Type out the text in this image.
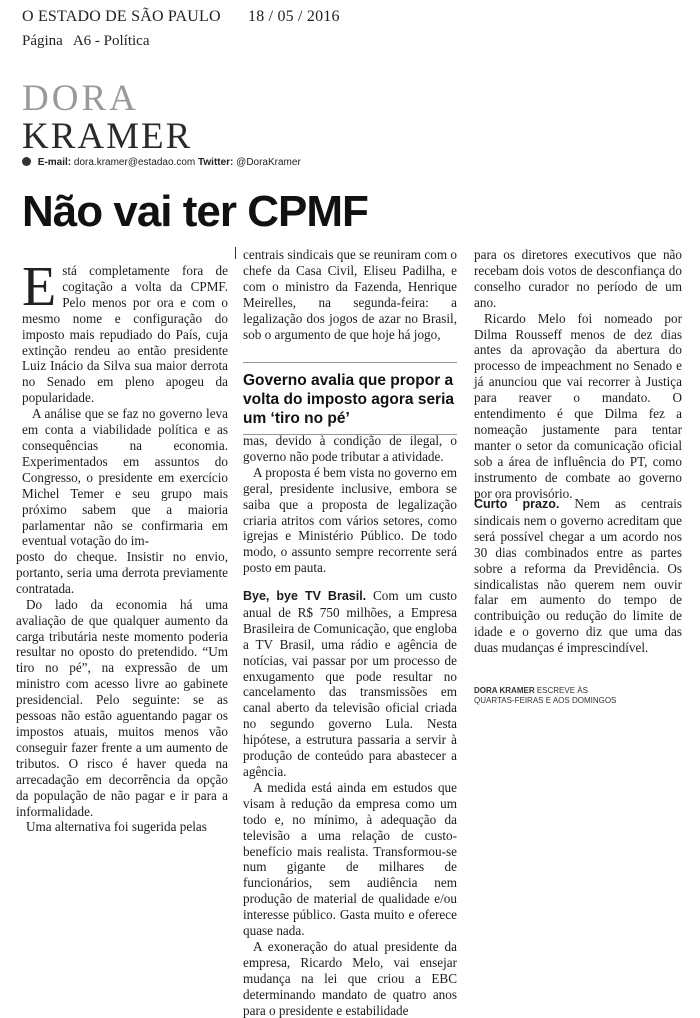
O ESTADO DE SÃO PAULO 18 / 05 / 2016
Página A6 - Política
DORA
KRAMER
E-mail: dora.kramer@estadao.com Twitter: @DoraKramer
Não vai ter CPMF

Está completamente fora de cogitação a volta da CPMF. Pelo menos por ora e com o mesmo nome e configuração do imposto mais repudiado do País, cuja extinção rendeu ao então presidente Luiz Inácio da Silva sua maior derrota no Senado em pleno apogeu da popularidade.

A análise que se faz no governo leva em conta a viabilidade política e as consequências na economia. Experimentados em assuntos do Congresso, o presidente em exercício Michel Temer e seu grupo mais próximo sabem que a maioria parlamentar não se confirmaria em eventual votação do im-

posto do cheque. Insistir no envio, portanto, seria uma derrota previamente contratada.

Do lado da economia há uma avaliação de que qualquer aumento da carga tributária neste momento poderia resultar no oposto do pretendido. “Um tiro no pé”, na expressão de um ministro com acesso livre ao gabinete presidencial. Pelo seguinte: se as pessoas não estão aguentando pagar os impostos atuais, muitos menos vão conseguir fazer frente a um aumento de tributos. O risco é haver queda na arrecadação em decorrência da opção da população de não pagar e ir para a informalidade.

Uma alternativa foi sugerida pelas

centrais sindicais que se reuniram com o chefe da Casa Civil, Eliseu Padilha, e com o ministro da Fazenda, Henrique Meirelles, na segunda-feira: a legalização dos jogos de azar no Brasil, sob o argumento de que hoje há jogo,

Governo avalia que propor a volta do imposto agora seria um ‘tiro no pé’

mas, devido à condição de ilegal, o governo não pode tributar a atividade.

A proposta é bem vista no governo em geral, presidente inclusive, embora se saiba que a proposta de legalização criaria atritos com vários setores, como igrejas e Ministério Público. De todo modo, o assunto sempre recorrente será posto em pauta.

Bye, bye TV Brasil. Com um custo anual de R$ 750 milhões, a Empresa Brasileira de Comunicação, que engloba a TV Brasil, uma rádio e agência de notícias, vai passar por um processo de enxugamento que pode resultar no cancelamento das transmissões em canal aberto da televisão oficial criada no segundo governo Lula. Nesta hipótese, a estrutura passaria a servir à produção de conteúdo para abastecer a agência.

A medida está ainda em estudos que visam à redução da empresa como um todo e, no mínimo, à adequação da televisão a uma relação de custo-benefício mais realista. Transformou-se num gigante de milhares de funcionários, sem audiência nem produção de material de qualidade e/ou interesse público. Gasta muito e oferece quase nada.

A exoneração do atual presidente da empresa, Ricardo Melo, vai ensejar mudança na lei que criou a EBC determinando mandato de quatro anos para o presidente e estabilidade

para os diretores executivos que não recebam dois votos de desconfiança do conselho curador no período de um ano.

Ricardo Melo foi nomeado por Dilma Rousseff menos de dez dias antes da aprovação da abertura do processo de impeachment no Senado e já anunciou que vai recorrer à Justiça para reaver o mandato. O entendimento é que Dilma fez a nomeação justamente para tentar manter o setor da comunicação oficial sob a área de influência do PT, como instrumento de combate ao governo por ora provisório.

Curto prazo. Nem as centrais sindicais nem o governo acreditam que será possível chegar a um acordo nos 30 dias combinados entre as partes sobre a reforma da Previdência. Os sindicalistas não querem nem ouvir falar em aumento do tempo de contribuição ou redução do limite de idade e o governo diz que uma das duas mudanças é imprescindível.

DORA KRAMER ESCREVE ÀS
QUARTAS-FEIRAS E AOS DOMINGOS
